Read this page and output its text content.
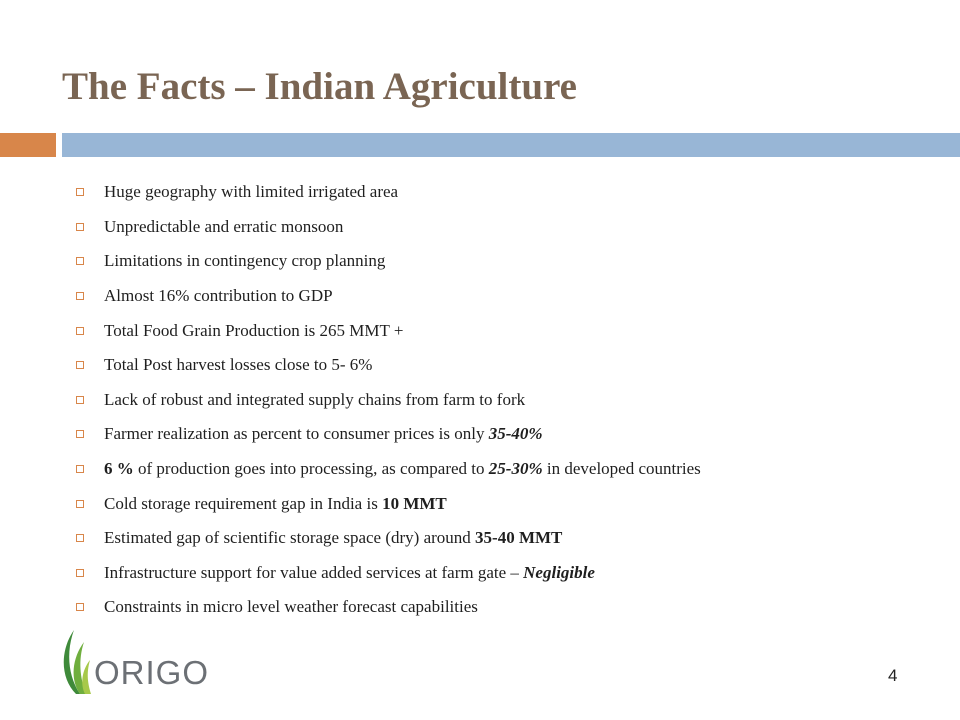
The Facts – Indian Agriculture
Huge geography with limited irrigated area
Unpredictable and erratic monsoon
Limitations in contingency crop planning
Almost 16% contribution to GDP
Total Food Grain Production is 265 MMT +
Total Post harvest losses close to 5- 6%
Lack of robust and integrated supply chains from farm to fork
Farmer realization as percent to consumer prices is only 35-40%
6 % of production goes into processing, as compared to 25-30% in developed countries
Cold storage requirement gap in India is 10 MMT
Estimated gap of scientific storage space (dry) around 35-40 MMT
Infrastructure support for value added services at farm gate – Negligible
Constraints in micro level weather forecast capabilities
ORIGO	4
